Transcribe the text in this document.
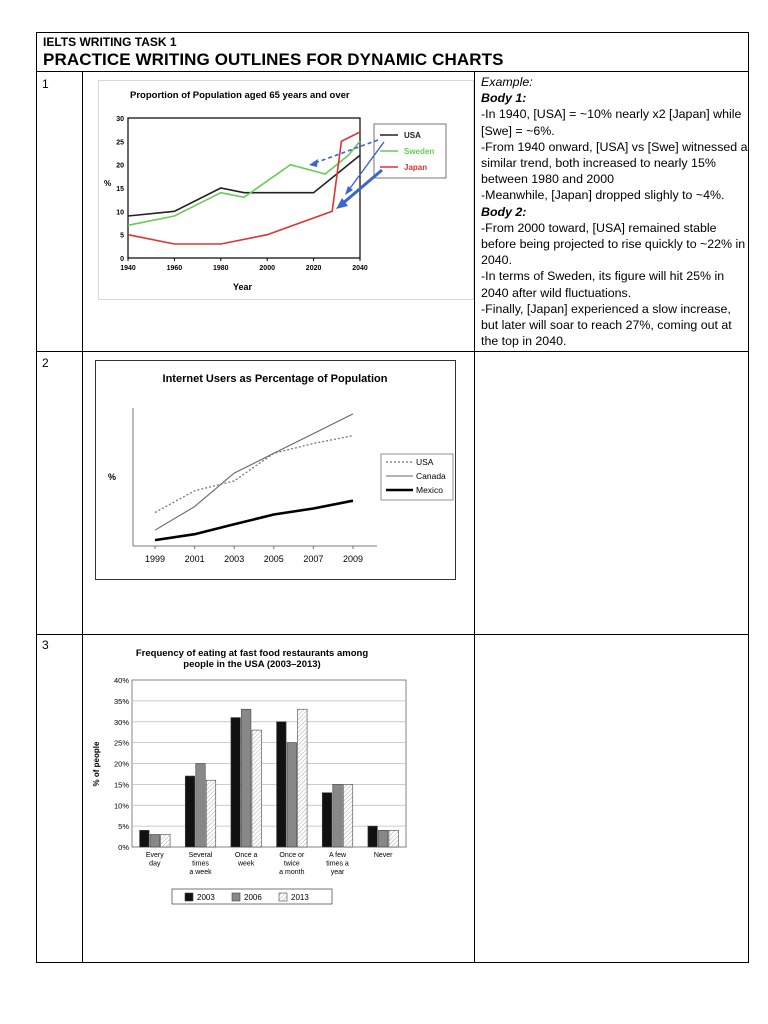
IELTS WRITING TASK 1
PRACTICE WRITING OUTLINES FOR DYNAMIC CHARTS
1
2
3

Example:

Body 1:

-In 1940, [USA] = ~10% nearly x2 [Japan] while [Swe] = ~6%.

-From 1940 onward, [USA] vs [Swe] witnessed a similar trend, both increased to nearly 15% between 1980 and 2000

-Meanwhile, [Japan] dropped slighly to ~4%.

Body 2:

-From 2000 toward, [USA] remained stable before being projected to rise quickly to ~22% in 2040.

-In terms of Sweden, its figure will hit 25% in 2040 after wild fluctuations.

-Finally, [Japan] experienced a slow increase, but later will soar to reach 27%, coming out at the top in 2040.

Proportion of Population aged 65 years and over
%
Year
0
5
10
15
20
25
30
1940	1960	1980	2000	2020	2040
USA
Sweden
Japan
Internet Users as Percentage of Population
%
1999 2001 2003 2005 2007 2009
USA
Canada
Mexico
Frequency of eating at fast food restaurants among
people in the USA (2003–2013)
% of people
0%
5%
10%
15%
20%
25%
30%
35%
40%
Every
day
Several
times
a week
Once a
week
Once or
twice
a month
A few
times a
year
Never
2003	2006	2013
